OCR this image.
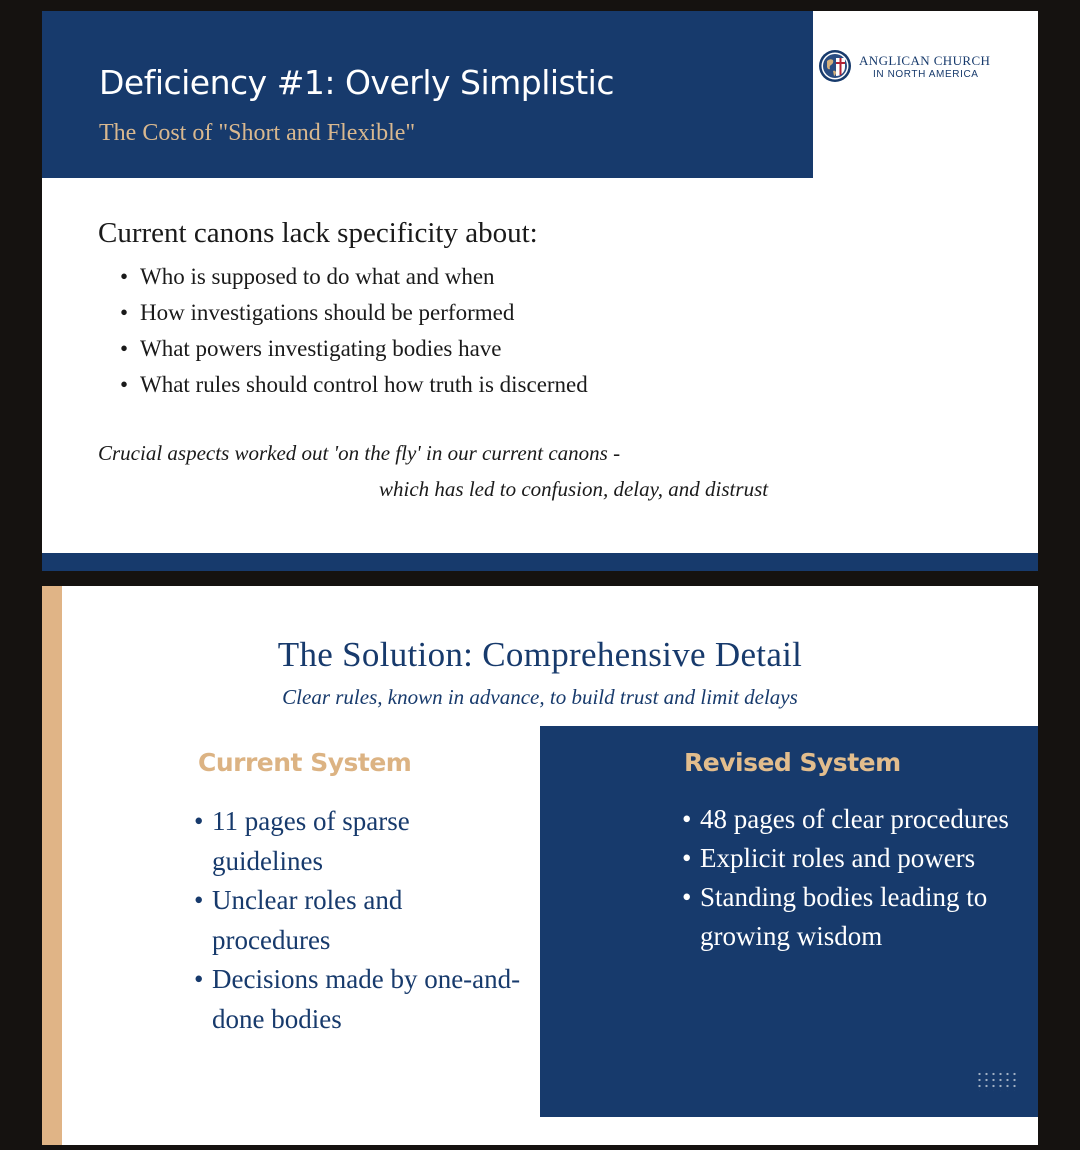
Deficiency #1: Overly Simplistic
The Cost of "Short and Flexible"
ANGLICAN CHURCH
IN NORTH AMERICA
Current canons lack specificity about:
• Who is supposed to do what and when
• How investigations should be performed
• What powers investigating bodies have
• What rules should control how truth is discerned
Crucial aspects worked out 'on the fly' in our current canons -
which has led to confusion, delay, and distrust
The Solution: Comprehensive Detail
Clear rules, known in advance, to build trust and limit delays
Current System
• 11 pages of sparse guidelines
• Unclear roles and procedures
• Decisions made by one-and-done bodies
Revised System
• 48 pages of clear procedures
• Explicit roles and powers
• Standing bodies leading to growing wisdom
